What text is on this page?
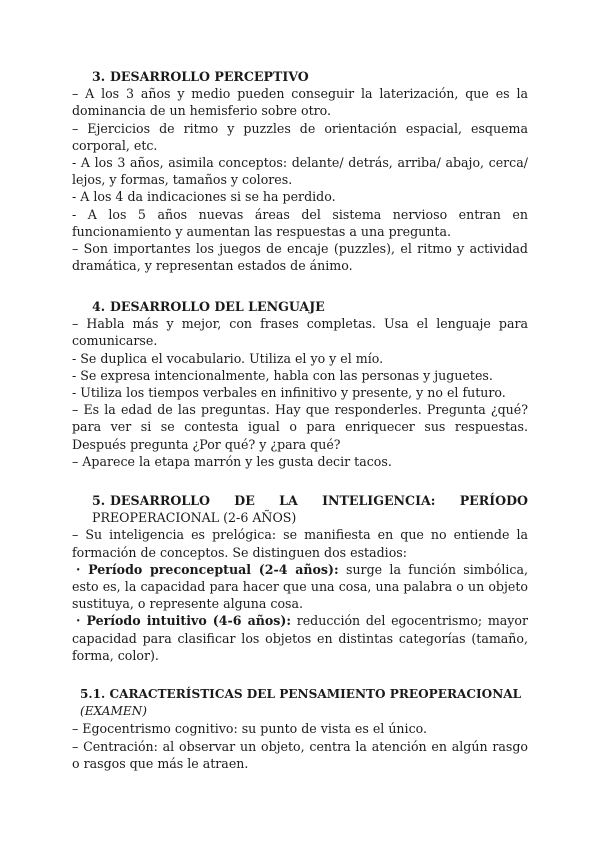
3. DESARROLLO PERCEPTIVO

– A los 3 años y medio pueden conseguir la laterización, que es la dominancia de un hemisferio sobre otro.

– Ejercicios de ritmo y puzzles de orientación espacial, esquema corporal, etc.

- A los 3 años, asimila conceptos: delante/ detrás, arriba/ abajo, cerca/ lejos, y formas, tamaños y colores.

- A los 4 da indicaciones si se ha perdido.

- A los 5 años nuevas áreas del sistema nervioso entran en funcionamiento y aumentan las respuestas a una pregunta.

– Son importantes los juegos de encaje (puzzles), el ritmo y actividad dramática, y representan estados de ánimo.

4. DESARROLLO DEL LENGUAJE

– Habla más y mejor, con frases completas. Usa el lenguaje para comunicarse.

- Se duplica el vocabulario. Utiliza el yo y el mío.

- Se expresa intencionalmente, habla con las personas y juguetes.

- Utiliza los tiempos verbales en infinitivo y presente, y no el futuro.

– Es la edad de las preguntas. Hay que responderles. Pregunta ¿qué? para ver si se contesta igual o para enriquecer sus respuestas. Después pregunta ¿Por qué? y ¿para qué?

– Aparece la etapa marrón y les gusta decir tacos.

5. DESARROLLO DE LA INTELIGENCIA: PERÍODO

PREOPERACIONAL (2-6 AÑOS)

– Su inteligencia es prelógica: se manifiesta en que no entiende la formación de conceptos. Se distinguen dos estadios:

· Período preconceptual (2-4 años): surge la función simbólica, esto es, la capacidad para hacer que una cosa, una palabra o un objeto sustituya, o represente alguna cosa.

· Período intuitivo (4-6 años): reducción del egocentrismo; mayor capacidad para clasificar los objetos en distintas categorías (tamaño, forma, color).

5.1. CARACTERÍSTICAS DEL PENSAMIENTO PREOPERACIONAL (EXAMEN)

– Egocentrismo cognitivo: su punto de vista es el único.

– Centración: al observar un objeto, centra la atención en algún rasgo o rasgos que más le atraen.
